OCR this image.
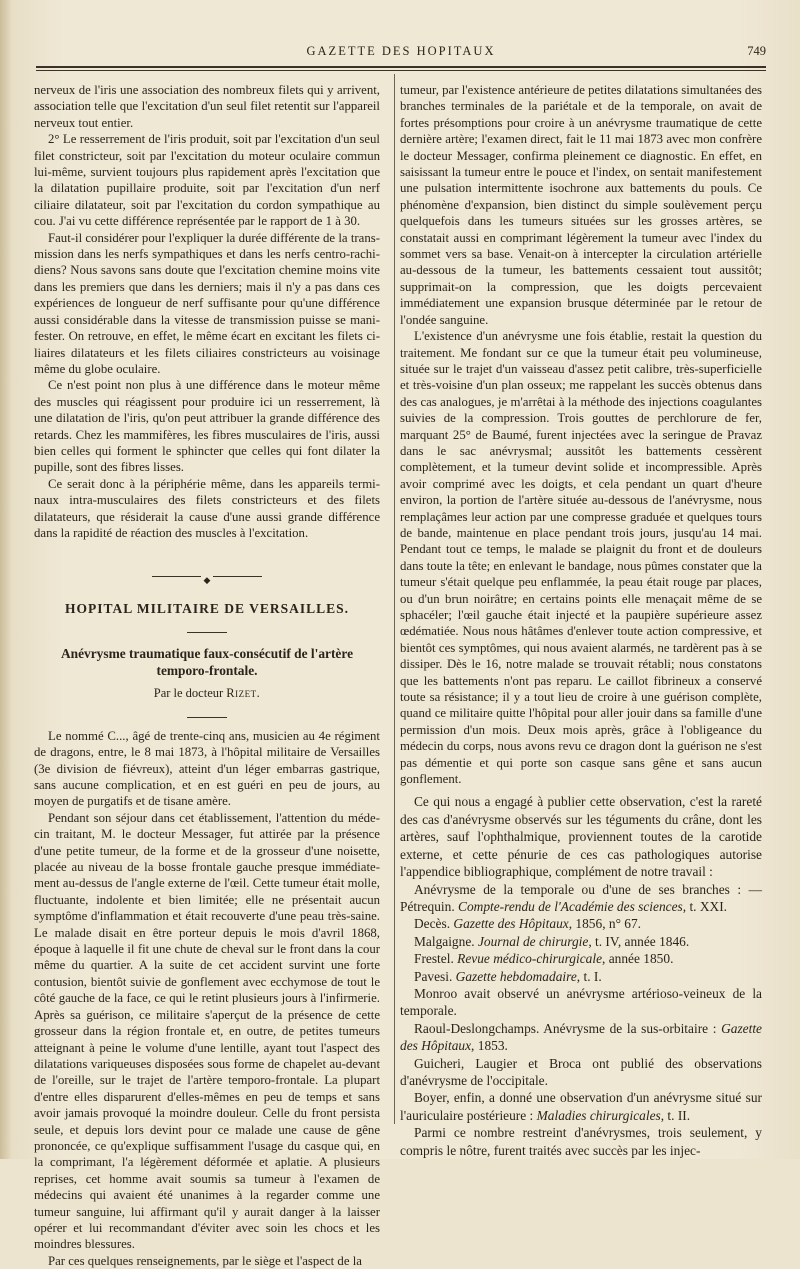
GAZETTE DES HOPITAUX	749

nerveux de l'iris une association des nombreux filets qui y arrivent, association telle que l'excitation d'un seul filet retentit sur l'appareil nerveux tout entier.

2° Le resserrement de l'iris produit, soit par l'excitation d'un seul filet constricteur, soit par l'excitation du moteur oculaire commun lui-même, survient toujours plus rapidement après l'excitation que la dilatation pupillaire produite, soit par l'excitation d'un nerf ciliaire dilatateur, soit par l'excitation du cordon sympathique au cou. J'ai vu cette différence représentée par le rapport de 1 à 30.

Faut-il considérer pour l'expliquer la durée différente de la transmission dans les nerfs sympathiques et dans les nerfs centro-rachidiens? Nous savons sans doute que l'excitation chemine moins vite dans les premiers que dans les derniers; mais il n'y a pas dans ces expériences de longueur de nerf suffisante pour qu'une différence aussi considérable dans la vitesse de transmission puisse se manifester. On retrouve, en effet, le même écart en excitant les filets ciliaires dilatateurs et les filets ciliaires constricteurs au voisinage même du globe oculaire.

Ce n'est point non plus à une différence dans le moteur même des muscles qui réagissent pour produire ici un resserrement, là une dilatation de l'iris, qu'on peut attribuer la grande différence des retards. Chez les mammifères, les fibres musculaires de l'iris, aussi bien celles qui forment le sphincter que celles qui font dilater la pupille, sont des fibres lisses.

Ce serait donc à la périphérie même, dans les appareils terminaux intra-musculaires des filets constricteurs et des filets dilatateurs, que résiderait la cause d'une aussi grande différence dans la rapidité de réaction des muscles à l'excitation.

◆
HOPITAL MILITAIRE DE VERSAILLES.
Anévrysme traumatique faux-consécutif de l'artère temporo-frontale.
Par le docteur Rizet.

Le nommé C..., âgé de trente-cinq ans, musicien au 4e régiment de dragons, entre, le 8 mai 1873, à l'hôpital militaire de Versailles (3e division de fiévreux), atteint d'un léger embarras gastrique, sans aucune complication, et en est guéri en peu de jours, au moyen de purgatifs et de tisane amère.

Pendant son séjour dans cet établissement, l'attention du médecin traitant, M. le docteur Messager, fut attirée par la présence d'une petite tumeur, de la forme et de la grosseur d'une noisette, placée au niveau de la bosse frontale gauche presque immédiatement au-dessus de l'angle externe de l'œil. Cette tumeur était molle, fluctuante, indolente et bien limitée; elle ne présentait aucun symptôme d'inflammation et était recouverte d'une peau très-saine. Le malade disait en être porteur depuis le mois d'avril 1868, époque à laquelle il fit une chute de cheval sur le front dans la cour même du quartier. A la suite de cet accident survint une forte contusion, bientôt suivie de gonflement avec ecchymose de tout le côté gauche de la face, ce qui le retint plusieurs jours à l'infirmerie. Après sa guérison, ce militaire s'aperçut de la présence de cette grosseur dans la région frontale et, en outre, de petites tumeurs atteignant à peine le volume d'une lentille, ayant tout l'aspect des dilatations variqueuses disposées sous forme de chapelet au-devant de l'oreille, sur le trajet de l'artère temporo-frontale. La plupart d'entre elles disparurent d'elles-mêmes en peu de temps et sans avoir jamais provoqué la moindre douleur. Celle du front persista seule, et depuis lors devint pour ce malade une cause de gêne prononcée, ce qu'explique suffisamment l'usage du casque qui, en la comprimant, l'a légèrement déformée et aplatie. A plusieurs reprises, cet homme avait soumis sa tumeur à l'examen de médecins qui avaient été unanimes à la regarder comme une tumeur sanguine, lui affirmant qu'il y aurait danger à la laisser opérer et lui recommandant d'éviter avec soin les chocs et les moindres blessures.

Par ces quelques renseignements, par le siège et l'aspect de la

tumeur, par l'existence antérieure de petites dilatations simultanées des branches terminales de la pariétale et de la temporale, on avait de fortes présomptions pour croire à un anévrysme traumatique de cette dernière artère; l'examen direct, fait le 11 mai 1873 avec mon confrère le docteur Messager, confirma pleinement ce diagnostic. En effet, en saisissant la tumeur entre le pouce et l'index, on sentait manifestement une pulsation intermittente isochrone aux battements du pouls. Ce phénomène d'expansion, bien distinct du simple soulèvement perçu quelquefois dans les tumeurs situées sur les grosses artères, se constatait aussi en comprimant légèrement la tumeur avec l'index du sommet vers sa base. Venait-on à intercepter la circulation artérielle au-dessous de la tumeur, les battements cessaient tout aussitôt; supprimait-on la compression, que les doigts percevaient immédiatement une expansion brusque déterminée par le retour de l'ondée sanguine.

L'existence d'un anévrysme une fois établie, restait la question du traitement. Me fondant sur ce que la tumeur était peu volumineuse, située sur le trajet d'un vaisseau d'assez petit calibre, très-superficielle et très-voisine d'un plan osseux; me rappelant les succès obtenus dans des cas analogues, je m'arrêtai à la méthode des injections coagulantes suivies de la compression. Trois gouttes de perchlorure de fer, marquant 25° de Baumé, furent injectées avec la seringue de Pravaz dans le sac anévrysmal; aussitôt les battements cessèrent complètement, et la tumeur devint solide et incompressible. Après avoir comprimé avec les doigts, et cela pendant un quart d'heure environ, la portion de l'artère située au-dessous de l'anévrysme, nous remplaçâmes leur action par une compresse graduée et quelques tours de bande, maintenue en place pendant trois jours, jusqu'au 14 mai. Pendant tout ce temps, le malade se plaignit du front et de douleurs dans toute la tête; en enlevant le bandage, nous pûmes constater que la tumeur s'était quelque peu enflammée, la peau était rouge par places, ou d'un brun noirâtre; en certains points elle menaçait même de se sphacéler; l'œil gauche était injecté et la paupière supérieure assez œdématiée. Nous nous hâtâmes d'enlever toute action compressive, et bientôt ces symptômes, qui nous avaient alarmés, ne tardèrent pas à se dissiper. Dès le 16, notre malade se trouvait rétabli; nous constatons que les battements n'ont pas reparu. Le caillot fibrineux a conservé toute sa résistance; il y a tout lieu de croire à une guérison complète, quand ce militaire quitte l'hôpital pour aller jouir dans sa famille d'une permission d'un mois. Deux mois après, grâce à l'obligeance du médecin du corps, nous avons revu ce dragon dont la guérison ne s'est pas démentie et qui porte son casque sans gêne et sans aucun gonflement.

Ce qui nous a engagé à publier cette observation, c'est la rareté des cas d'anévrysme observés sur les téguments du crâne, dont les artères, sauf l'ophthalmique, proviennent toutes de la carotide externe, et cette pénurie de ces cas pathologiques autorise l'appendice bibliographique, complément de notre travail :

Anévrysme de la temporale ou d'une de ses branches : — Pétrequin. Compte-rendu de l'Académie des sciences, t. XXI.

Decès. Gazette des Hôpitaux, 1856, n° 67.

Malgaigne. Journal de chirurgie, t. IV, année 1846.

Frestel. Revue médico-chirurgicale, année 1850.

Pavesi. Gazette hebdomadaire, t. I.

Monroo avait observé un anévrysme artérioso-veineux de la temporale.

Raoul-Deslongchamps. Anévrysme de la sus-orbitaire : Gazette des Hôpitaux, 1853.

Guicheri, Laugier et Broca ont publié des observations d'anévrysme de l'occipitale.

Boyer, enfin, a donné une observation d'un anévrysme situé sur l'auriculaire postérieure : Maladies chirurgicales, t. II.

Parmi ce nombre restreint d'anévrysmes, trois seulement, y compris le nôtre, furent traités avec succès par les injec-
